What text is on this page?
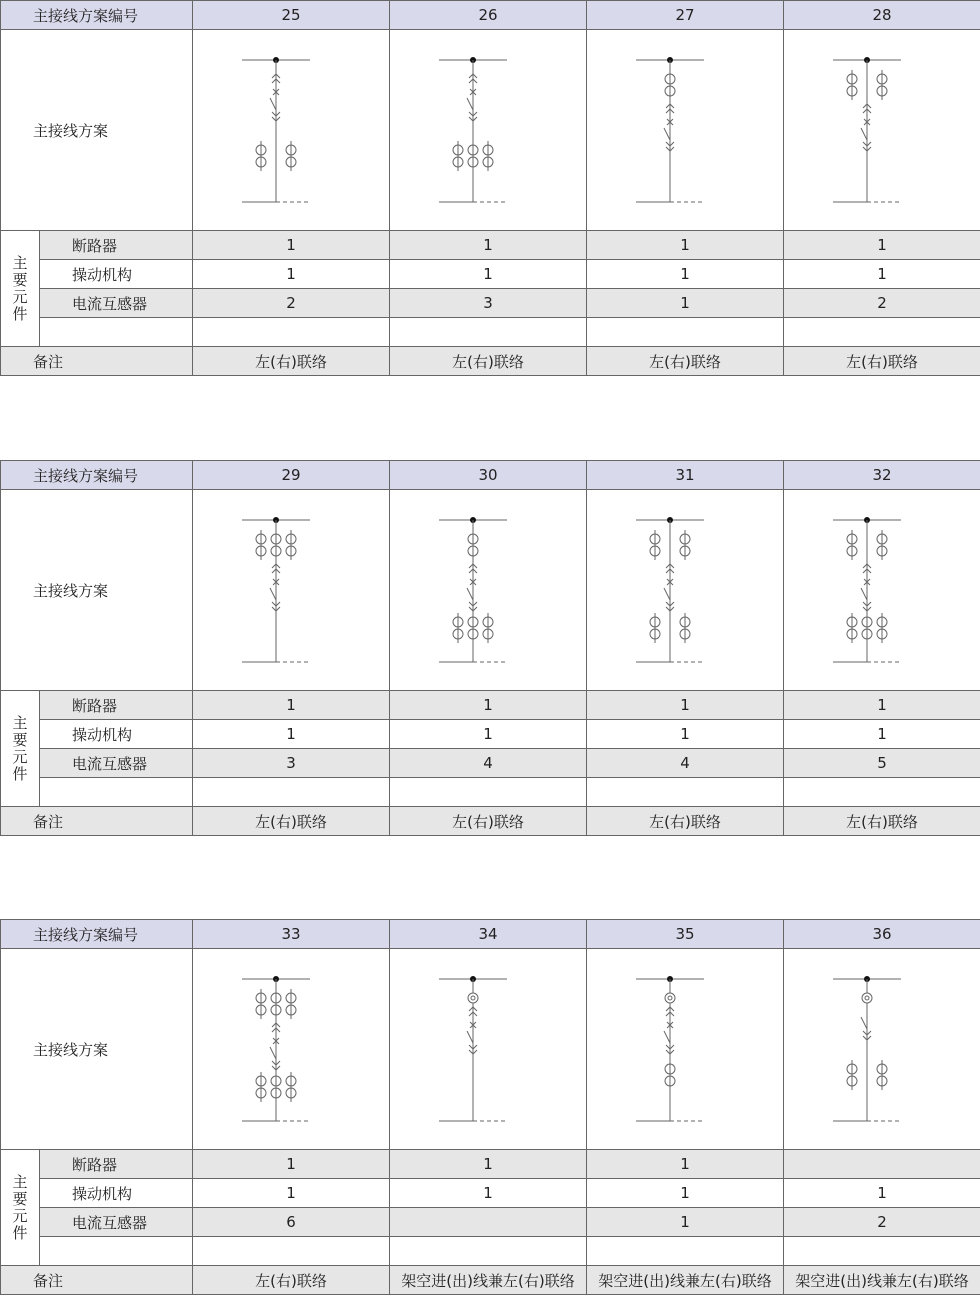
主接线方案编号		25	26	27	28
主接线方案	

主要元件	断路器	1	1	1	1
	操动机构	1	1	1	1
	电流互感器	2	3	1	2

备注		左(右)联络	左(右)联络	左(右)联络	左(右)联络
主接线方案编号		29	30	31	32
主接线方案	

主要元件	断路器	1	1	1	1
	操动机构	1	1	1	1
	电流互感器	3	4	4	5

备注		左(右)联络	左(右)联络	左(右)联络	左(右)联络
主接线方案编号		33	34	35	36
主接线方案	

主要元件	断路器	1	1	1	
	操动机构	1	1	1	1
	电流互感器	6		1	2

备注		左(右)联络	架空进(出)线兼左(右)联络	架空进(出)线兼左(右)联络	架空进(出)线兼左(右)联络
